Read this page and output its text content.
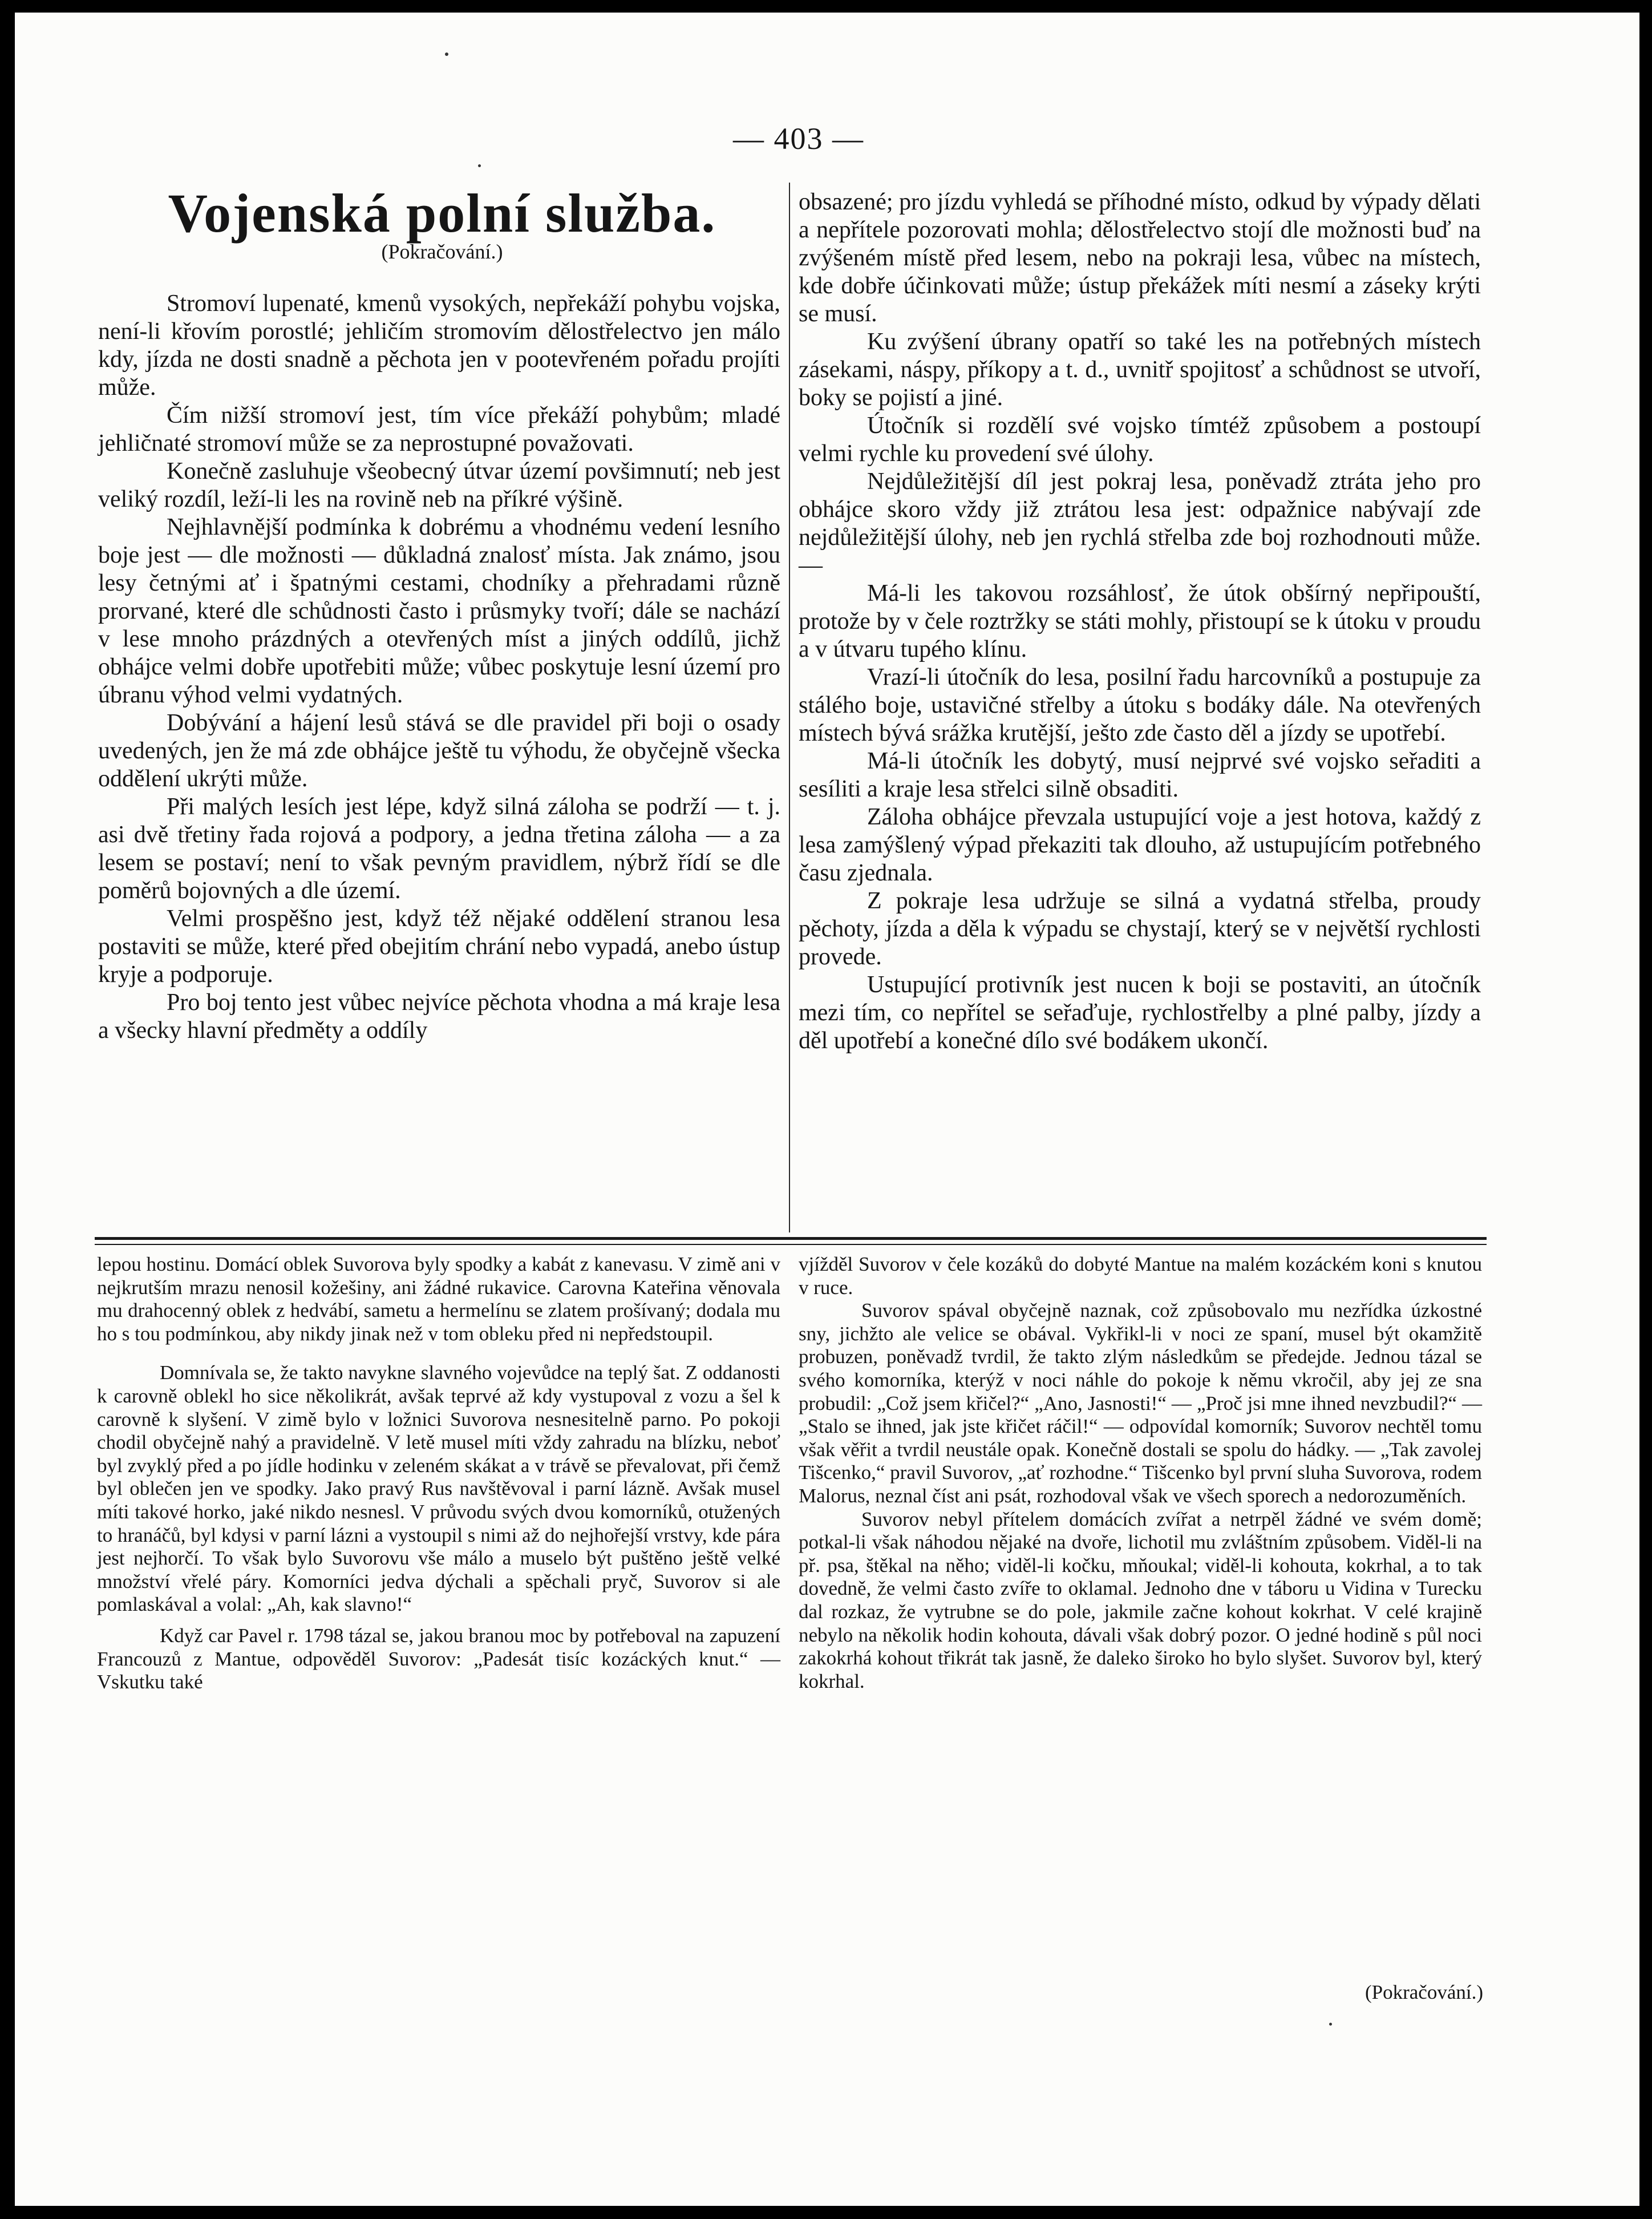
— 403 —
Vojenská polní služba.
(Pokračování.)

Stromoví lupenaté, kmenů vysokých, nepřekáží pohybu vojska, není-li křovím porostlé; jehličím stromovím dělostřelectvo jen málo kdy, jízda ne dosti snadně a pěchota jen v pootevřeném pořadu projíti může.

Čím nižší stromoví jest, tím více překáží pohybům; mladé jehličnaté stromoví může se za neprostupné považovati.

Konečně zasluhuje všeobecný útvar území povšimnutí; neb jest veliký rozdíl, leží-li les na rovině neb na příkré výšině.

Nejhlavnější podmínka k dobrému a vhodnému vedení lesního boje jest — dle možnosti — důkladná znalosť místa. Jak známo, jsou lesy četnými ať i špatnými cestami, chodníky a přehradami různě prorvané, které dle schůdnosti často i průsmyky tvoří; dále se nachází v lese mnoho prázdných a otevřených míst a jiných oddílů, jichž obhájce velmi dobře upotřebiti může; vůbec poskytuje lesní území pro úbranu výhod velmi vydatných.

Dobývání a hájení lesů stává se dle pravidel při boji o osady uvedených, jen že má zde obhájce ještě tu výhodu, že obyčejně všecka oddělení ukrýti může.

Při malých lesích jest lépe, když silná záloha se podrží — t. j. asi dvě třetiny řada rojová a podpory, a jedna třetina záloha — a za lesem se postaví; není to však pevným pravidlem, nýbrž řídí se dle poměrů bojovných a dle území.

Velmi prospěšno jest, když též nějaké oddělení stranou lesa postaviti se může, které před obejitím chrání nebo vypadá, anebo ústup kryje a podporuje.

Pro boj tento jest vůbec nejvíce pěchota vhodna a má kraje lesa a všecky hlavní předměty a oddíly

obsazené; pro jízdu vyhledá se příhodné místo, odkud by výpady dělati a nepřítele pozorovati mohla; dělostřelectvo stojí dle možnosti buď na zvýšeném místě před lesem, nebo na pokraji lesa, vůbec na místech, kde dobře účinkovati může; ústup překážek míti nesmí a záseky krýti se musí.

Ku zvýšení úbrany opatří so také les na potřebných místech zásekami, náspy, příkopy a t. d., uvnitř spojitosť a schůdnost se utvoří, boky se pojistí a jiné.

Útočník si rozdělí své vojsko tímtéž způsobem a postoupí velmi rychle ku provedení své úlohy.

Nejdůležitější díl jest pokraj lesa, poněvadž ztráta jeho pro obhájce skoro vždy již ztrátou lesa jest: odpažnice nabývají zde nejdůležitější úlohy, neb jen rychlá střelba zde boj rozhodnouti může. —

Má-li les takovou rozsáhlosť, že útok obšírný nepřipouští, protože by v čele roztržky se státi mohly, přistoupí se k útoku v proudu a v útvaru tupého klínu.

Vrazí-li útočník do lesa, posilní řadu harcovníků a postupuje za stálého boje, ustavičné střelby a útoku s bodáky dále. Na otevřených místech bývá srážka krutější, ješto zde často děl a jízdy se upotřebí.

Má-li útočník les dobytý, musí nejprvé své vojsko seřaditi a sesíliti a kraje lesa střelci silně obsaditi.

Záloha obhájce převzala ustupující voje a jest hotova, každý z lesa zamýšlený výpad překaziti tak dlouho, až ustupujícím potřebného času zjednala.

Z pokraje lesa udržuje se silná a vydatná střelba, proudy pěchoty, jízda a děla k výpadu se chystají, který se v největší rychlosti provede.

Ustupující protivník jest nucen k boji se postaviti, an útočník mezi tím, co nepřítel se seřaďuje, rychlostřelby a plné palby, jízdy a děl upotřebí a konečné dílo své bodákem ukončí.

lepou hostinu. Domácí oblek Suvorova byly spodky a kabát z kanevasu. V zimě ani v nejkrutším mrazu nenosil kožešiny, ani žádné rukavice. Carovna Kateřina věnovala mu drahocenný oblek z hedvábí, sametu a hermelínu se zlatem prošívaný; dodala mu ho s tou podmínkou, aby nikdy jinak než v tom obleku před ni nepředstoupil.

Domnívala se, že takto navykne slavného vojevůdce na teplý šat. Z oddanosti k carovně oblekl ho sice několikrát, avšak teprvé až kdy vystupoval z vozu a šel k carovně k slyšení. V zimě bylo v ložnici Suvorova nesnesitelně parno. Po pokoji chodil obyčejně nahý a pravidelně. V letě musel míti vždy zahradu na blízku, neboť byl zvyklý před a po jídle hodinku v zeleném skákat a v trávě se převalovat, při čemž byl oblečen jen ve spodky. Jako pravý Rus navštěvoval i parní lázně. Avšak musel míti takové horko, jaké nikdo nesnesl. V průvodu svých dvou komorníků, otužených to hranáčů, byl kdysi v parní lázni a vystoupil s nimi až do nejhořejší vrstvy, kde pára jest nejhorčí. To však bylo Suvorovu vše málo a muselo být puštěno ještě velké množství vřelé páry. Komorníci jedva dýchali a spěchali pryč, Suvorov si ale pomlaskával a volal: „Ah, kak slavno!“

Když car Pavel r. 1798 tázal se, jakou branou moc by potřeboval na zapuzení Francouzů z Mantue, odpověděl Suvorov: „Padesát tisíc kozáckých knut.“ — Vskutku také

vjížděl Suvorov v čele kozáků do dobyté Mantue na malém kozáckém koni s knutou v ruce.

Suvorov spával obyčejně naznak, což způsobovalo mu nezřídka úzkostné sny, jichžto ale velice se obával. Vykřikl-li v noci ze spaní, musel být okamžitě probuzen, poněvadž tvrdil, že takto zlým následkům se předejde. Jednou tázal se svého komorníka, kterýž v noci náhle do pokoje k němu vkročil, aby jej ze sna probudil: „Což jsem křičel?“ „Ano, Jasnosti!“ — „Proč jsi mne ihned nevzbudil?“ — „Stalo se ihned, jak jste křičet ráčil!“ — odpovídal komorník; Suvorov nechtěl tomu však věřit a tvrdil neustále opak. Konečně dostali se spolu do hádky. — „Tak zavolej Tišcenko,“ pravil Suvorov, „ať rozhodne.“ Tišcenko byl první sluha Suvorova, rodem Malorus, neznal číst ani psát, rozhodoval však ve všech sporech a nedorozuměních.

Suvorov nebyl přítelem domácích zvířat a netrpěl žádné ve svém domě; potkal-li však náhodou nějaké na dvoře, lichotil mu zvláštním způsobem. Viděl-li na př. psa, štěkal na něho; viděl-li kočku, mňoukal; viděl-li kohouta, kokrhal, a to tak dovedně, že velmi často zvíře to oklamal. Jednoho dne v táboru u Vidina v Turecku dal rozkaz, že vytrubne se do pole, jakmile začne kohout kokrhat. V celé krajině nebylo na několik hodin kohouta, dávali však dobrý pozor. O jedné hodině s půl noci zakokrhá kohout třikrát tak jasně, že daleko široko ho bylo slyšet. Suvorov byl, který kokrhal.

(Pokračování.)
